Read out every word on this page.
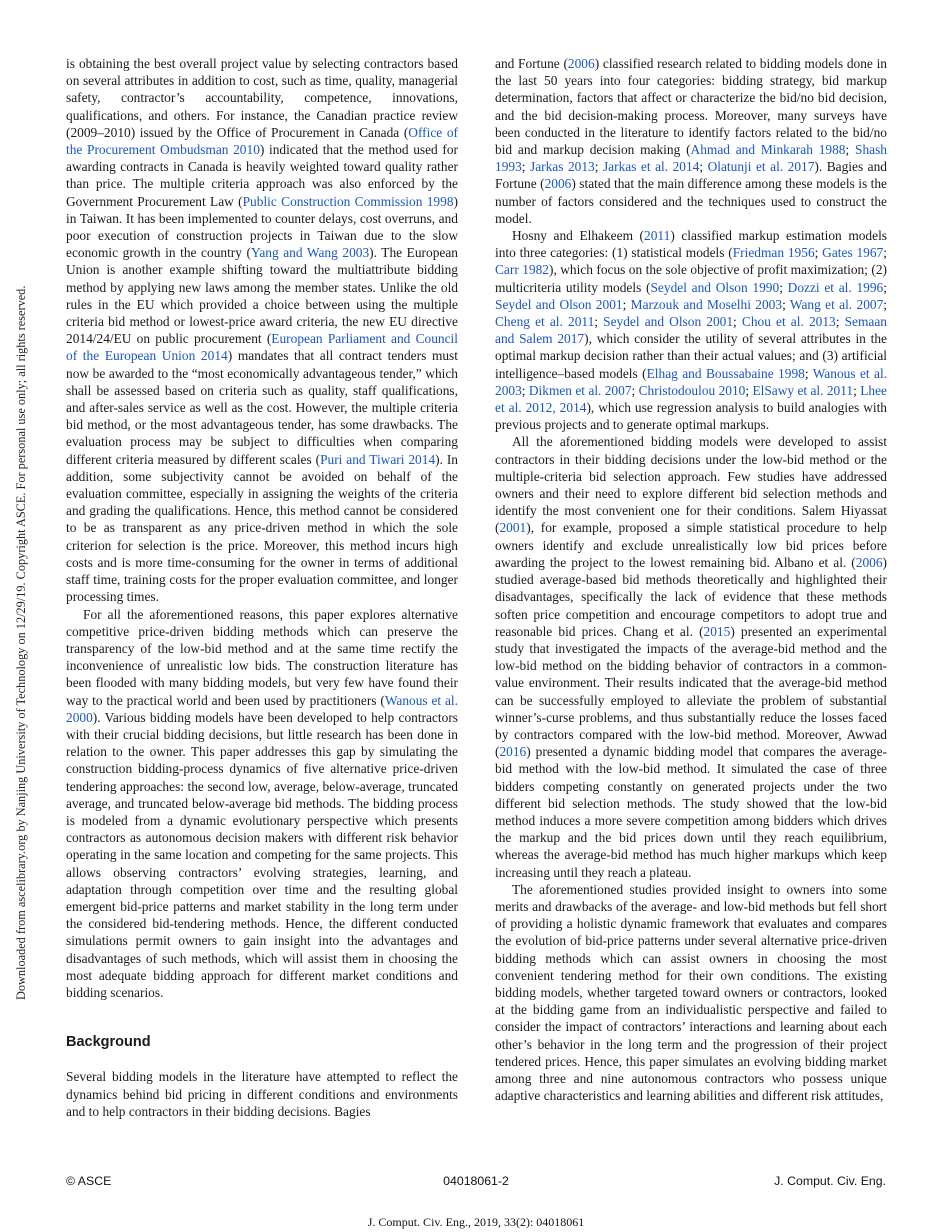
Downloaded from ascelibrary.org by Nanjing University of Technology on 12/29/19. Copyright ASCE. For personal use only; all rights reserved.

is obtaining the best overall project value by selecting contractors based on several attributes in addition to cost, such as time, quality, managerial safety, contractor’s accountability, competence, innovations, qualifications, and others. For instance, the Canadian practice review (2009–2010) issued by the Office of Procurement in Canada (Office of the Procurement Ombudsman 2010) indicated that the method used for awarding contracts in Canada is heavily weighted toward quality rather than price. The multiple criteria approach was also enforced by the Government Procurement Law (Public Construction Commission 1998) in Taiwan. It has been implemented to counter delays, cost overruns, and poor execution of construction projects in Taiwan due to the slow economic growth in the country (Yang and Wang 2003). The European Union is another example shifting toward the multiattribute bidding method by applying new laws among the member states. Unlike the old rules in the EU which provided a choice between using the multiple criteria bid method or lowest-price award criteria, the new EU directive 2014/24/EU on public procurement (European Parliament and Council of the European Union 2014) mandates that all contract tenders must now be awarded to the “most economically advantageous tender,” which shall be assessed based on criteria such as quality, staff qualifications, and after-sales service as well as the cost. However, the multiple criteria bid method, or the most advantageous tender, has some drawbacks. The evaluation process may be subject to difficulties when comparing different criteria measured by different scales (Puri and Tiwari 2014). In addition, some subjectivity cannot be avoided on behalf of the evaluation committee, especially in assigning the weights of the criteria and grading the qualifications. Hence, this method cannot be considered to be as transparent as any price-driven method in which the sole criterion for selection is the price. Moreover, this method incurs high costs and is more time-consuming for the owner in terms of additional staff time, training costs for the proper evaluation committee, and longer processing times.

For all the aforementioned reasons, this paper explores alternative competitive price-driven bidding methods which can preserve the transparency of the low-bid method and at the same time rectify the inconvenience of unrealistic low bids. The construction literature has been flooded with many bidding models, but very few have found their way to the practical world and been used by practitioners (Wanous et al. 2000). Various bidding models have been developed to help contractors with their crucial bidding decisions, but little research has been done in relation to the owner. This paper addresses this gap by simulating the construction bidding-process dynamics of five alternative price-driven tendering approaches: the second low, average, below-average, truncated average, and truncated below-average bid methods. The bidding process is modeled from a dynamic evolutionary perspective which presents contractors as autonomous decision makers with different risk behavior operating in the same location and competing for the same projects. This allows observing contractors’ evolving strategies, learning, and adaptation through competition over time and the resulting global emergent bid-price patterns and market stability in the long term under the considered bid-tendering methods. Hence, the different conducted simulations permit owners to gain insight into the advantages and disadvantages of such methods, which will assist them in choosing the most adequate bidding approach for different market conditions and bidding scenarios.

Background

Several bidding models in the literature have attempted to reflect the dynamics behind bid pricing in different conditions and environments and to help contractors in their bidding decisions. Bagies

and Fortune (2006) classified research related to bidding models done in the last 50 years into four categories: bidding strategy, bid markup determination, factors that affect or characterize the bid/no bid decision, and the bid decision-making process. Moreover, many surveys have been conducted in the literature to identify factors related to the bid/no bid and markup decision making (Ahmad and Minkarah 1988; Shash 1993; Jarkas 2013; Jarkas et al. 2014; Olatunji et al. 2017). Bagies and Fortune (2006) stated that the main difference among these models is the number of factors considered and the techniques used to construct the model.

Hosny and Elhakeem (2011) classified markup estimation models into three categories: (1) statistical models (Friedman 1956; Gates 1967; Carr 1982), which focus on the sole objective of profit maximization; (2) multicriteria utility models (Seydel and Olson 1990; Dozzi et al. 1996; Seydel and Olson 2001; Marzouk and Moselhi 2003; Wang et al. 2007; Cheng et al. 2011; Seydel and Olson 2001; Chou et al. 2013; Semaan and Salem 2017), which consider the utility of several attributes in the optimal markup decision rather than their actual values; and (3) artificial intelligence–based models (Elhag and Boussabaine 1998; Wanous et al. 2003; Dikmen et al. 2007; Christodoulou 2010; ElSawy et al. 2011; Lhee et al. 2012, 2014), which use regression analysis to build analogies with previous projects and to generate optimal markups.

All the aforementioned bidding models were developed to assist contractors in their bidding decisions under the low-bid method or the multiple-criteria bid selection approach. Few studies have addressed owners and their need to explore different bid selection methods and identify the most convenient one for their conditions. Salem Hiyassat (2001), for example, proposed a simple statistical procedure to help owners identify and exclude unrealistically low bid prices before awarding the project to the lowest remaining bid. Albano et al. (2006) studied average-based bid methods theoretically and highlighted their disadvantages, specifically the lack of evidence that these methods soften price competition and encourage competitors to adopt true and reasonable bid prices. Chang et al. (2015) presented an experimental study that investigated the impacts of the average-bid method and the low-bid method on the bidding behavior of contractors in a common-value environment. Their results indicated that the average-bid method can be successfully employed to alleviate the problem of substantial winner’s-curse problems, and thus substantially reduce the losses faced by contractors compared with the low-bid method. Moreover, Awwad (2016) presented a dynamic bidding model that compares the average-bid method with the low-bid method. It simulated the case of three bidders competing constantly on generated projects under the two different bid selection methods. The study showed that the low-bid method induces a more severe competition among bidders which drives the markup and the bid prices down until they reach equilibrium, whereas the average-bid method has much higher markups which keep increasing until they reach a plateau.

The aforementioned studies provided insight to owners into some merits and drawbacks of the average- and low-bid methods but fell short of providing a holistic dynamic framework that evaluates and compares the evolution of bid-price patterns under several alternative price-driven bidding methods which can assist owners in choosing the most convenient tendering method for their own conditions. The existing bidding models, whether targeted toward owners or contractors, looked at the bidding game from an individualistic perspective and failed to consider the impact of contractors’ interactions and learning about each other’s behavior in the long term and the progression of their project tendered prices. Hence, this paper simulates an evolving bidding market among three and nine autonomous contractors who possess unique adaptive characteristics and learning abilities and different risk attitudes,

© ASCE	04018061-2	J. Comput. Civ. Eng.
J. Comput. Civ. Eng., 2019, 33(2): 04018061
